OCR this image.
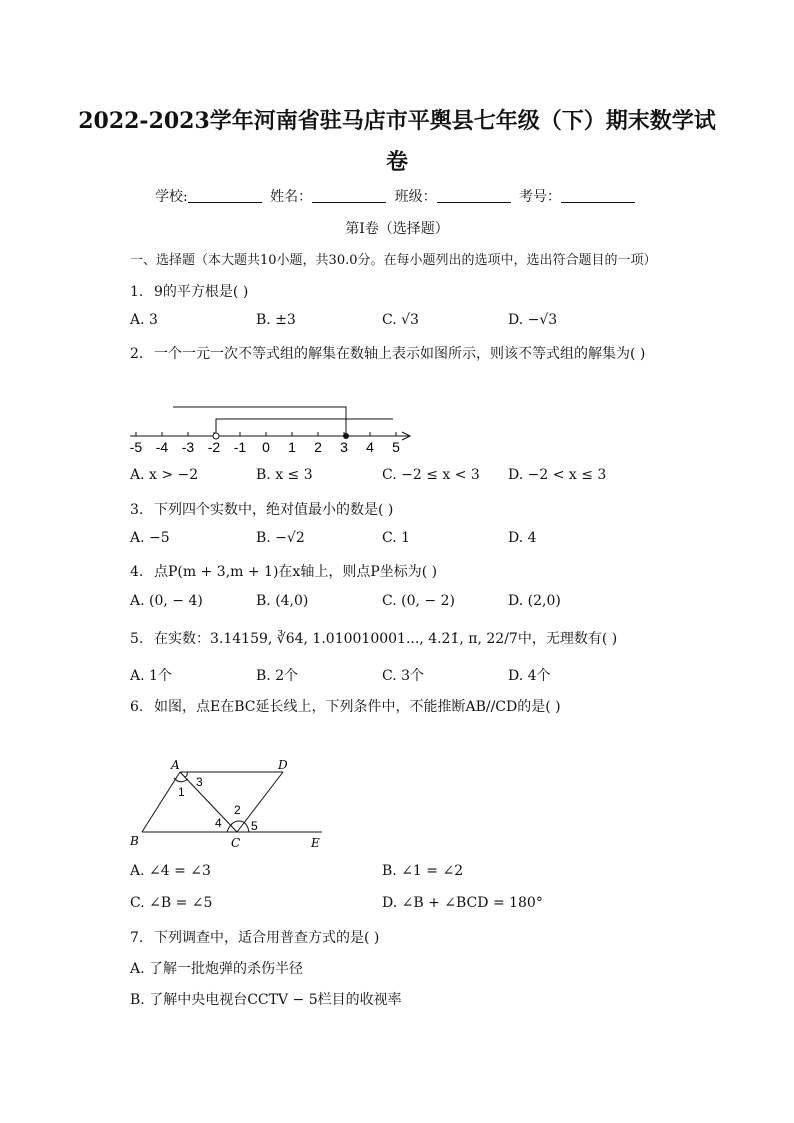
2022-2023学年河南省驻马店市平舆县七年级（下）期末数学试
卷
学校:	姓名：	班级：	考号：
第Ⅰ卷（选择题）
一、选择题（本大题共10小题，共30.0分。在每小题列出的选项中，选出符合题目的一项）
1. 9的平方根是( )
A. 3	B. ±3	C. √3	D. −√3
2. 一个一元一次不等式组的解集在数轴上表示如图所示，则该不等式组的解集为( )
-5 -4 -3 -2 -1 0 1 2 3 4 5
A. x > −2	B. x ≤ 3	C. −2 ≤ x < 3 D. −2 < x ≤ 3
3. 下列四个实数中，绝对值最小的数是( )
A. −5	B. −√2	C. 1	D. 4
4. 点P(m + 3,m + 1)在x轴上，则点P坐标为( )
A. (0, − 4)	B. (4,0)	C. (0, − 2)	D. (2,0)
5. 在实数：3.14159, ∛64, 1.010010001..., 4.2̇1̇, π, 22/7中，无理数有( )
A. 1个	B. 2个	C. 3个	D. 4个
6. 如图，点E在BC延长线上，下列条件中，不能推断AB//CD的是( )
A	D
B	C	E
1
3
2
4 5
A. ∠4 = ∠3	B. ∠1 = ∠2
C. ∠B = ∠5	D. ∠B + ∠BCD = 180°
7. 下列调查中，适合用普查方式的是( )
A. 了解一批炮弹的杀伤半径
B. 了解中央电视台CCTV − 5栏目的收视率
